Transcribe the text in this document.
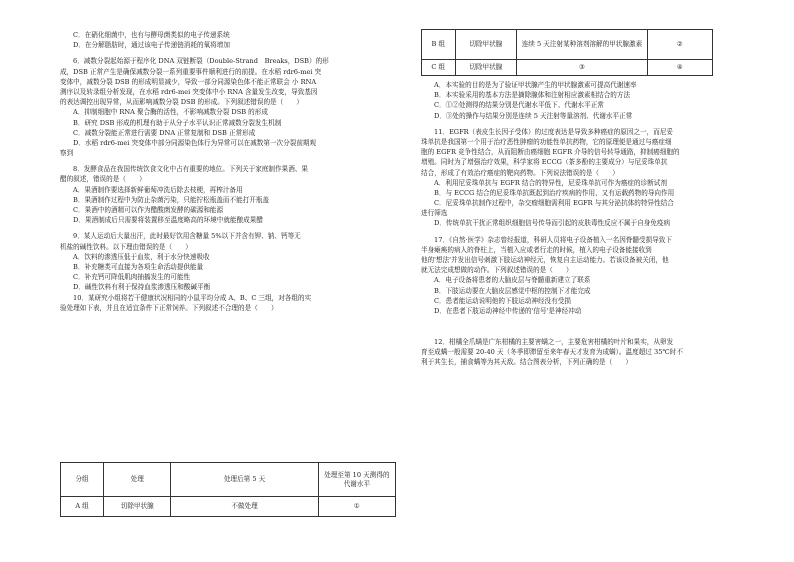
C．在硝化细菌中，也有与酵母菌类似的电子传递系统
D．在分解脂肪时，通过该电子传递链消耗的氧将增加
6．减数分裂起始源于程序化 DNA 双链断裂（Double-Strand　Breaks，DSB）的形
成，DSB 正常产生是确保减数分裂一系列重要事件顺利进行的前提。在水稻 rdr6-mei 突
变体中，减数分裂 DSB 的形成明显减少，导致一部分同源染色体不能正常联会 小 RNA
测序以及转录组分析发现，在水稻 rdr6-mei 突变体中小 RNA 含量发生改变，导致基因
的表达调控出现异常，从而影响减数分裂 DSB 的形成。下列叙述错误的是（　　）
A．抑制细胞中 RNA 聚合酶的活性，不影响减数分裂 DSB 的形成
B．研究 DSB 形成的机理有助于从分子水平认识正常减数分裂发生机制
C．减数分裂能正常进行需要 DNA 正常复制和 DSB 正常形成
D．水稻 rdr6-mei 突变体中部分同源染色体行为异常可以在减数第一次分裂前期观
察到
8．发酵食品在我国传统饮食文化中占有重要的地位。下列关于家庭制作果酒、果
醋的叙述，错误的是（　　）
A．果酒制作要选择新鲜葡萄冲洗后除去枝梗，再榨汁备用
B．果酒制作过程中为防止杂菌污染，只能拧松瓶盖而不能打开瓶盖
C．果酒中的酒精可以作为醋酸菌发酵的碳源和能源
D．果酒制成后只需要将装置移至温度略高的环境中就能酿成果醋
9．某人运动后大量出汗，此时最好饮用含糖量 5%以下并含有钾、钠、钙等无
机盐的碱性饮料。以下理由错误的是（　　）
A．饮料的渗透压低于血浆，利于水分快速吸收
B．补充糖类可直接为各项生命活动提供能量
C．补充钙可降低肌肉抽搐发生的可能性
D．碱性饮料有利于保持血浆渗透压和酸碱平衡
10．某研究小组将若干健康状况相同的小鼠平均分成 A、B、C 三组，对各组的实
验处理如下表，并且在适宜条件下正常饲养。下列叙述不合理的是（　　）
分组	处理	处理后第 5 天	处理至第 10 天测得的代谢水平
A 组	切除甲状腺	不做处理	①
B 组	切除甲状腺	连续 5 天注射某种溶剂溶解的甲状腺激素	②
C 组	切除甲状腺	③	④
A．本实验的目的是为了验证甲状腺产生的甲状腺激素可提高代谢速率
B．本实验采用的基本方法是摘除腺体和注射相应激素相结合的方法
C．①②处测得的结果分别是代谢水平低下、代谢水平正常
D．③处的操作与结果分别是连续 5 天注射等量溶剂、代谢水平正常
11．EGFR（表皮生长因子受体）的过度表达是导致多种癌症的原因之一，而尼妥
珠单抗是我国第一个用于治疗恶性肿瘤的功能性单抗药物，它的原理便是通过与癌症细
胞的 EGFR 竞争性结合，从而阻断由癌细胞 EGFR 介导的信号转导通路，抑制癌细胞的
增殖。同时为了增强治疗效果，科学家将 ECCG（茶多酚的主要成分）与尼妥珠单抗
结合，形成了有效治疗癌症的靶向药物。下列说法错误的是（　　）
A．利用尼妥珠单抗与 EGFR 结合的特异性，尼妥珠单抗可作为癌症的诊断试剂
B．与 ECCG 结合的尼妥珠单抗既起到治疗疾病的作用，又有运载药物的导向作用
C．尼妥珠单抗制作过程中，杂交瘤细胞需利用 EGFR 与其分泌抗体的特异性结合
进行筛选
D．传统单抗干扰正常组织细胞信号传导而引起的皮肤毒性反应不属于自身免疫病
17．《自然·医学》杂志曾经报道，科研人员将电子设备植入一名因脊髓受损导致下
半身瘫痪的病人的脊柱上，当植入应或者行走的时候，植入的电子设备能接收到
他的'想法'并发出信号刺激下肢运动神经元，恢复自主运动能力。若该设备被关闭，他
就无法完成想做的动作。下列叙述错误的是（　　）
A．电子设备将患者的大脑皮层与脊髓重新建立了联系
B．下肢运动要在大脑皮层感觉中枢的控制下才能完成
C．患者能运动说明他的下肢运动神经没有受损
D．在患者下肢运动神经中传递的'信号'是神经冲动
12．柑橘全爪螨是广东柑橘的主要害螨之一，主要危害柑橘的叶片和果实，从卵发
育至成螨一般需要 20-40 天（冬季即滞留至来年春天才发育为成螨）。温度超过 35℃时不
利于其生长，捕食螨等为其天敌。结合图表分析，下列正确的是（　　）
